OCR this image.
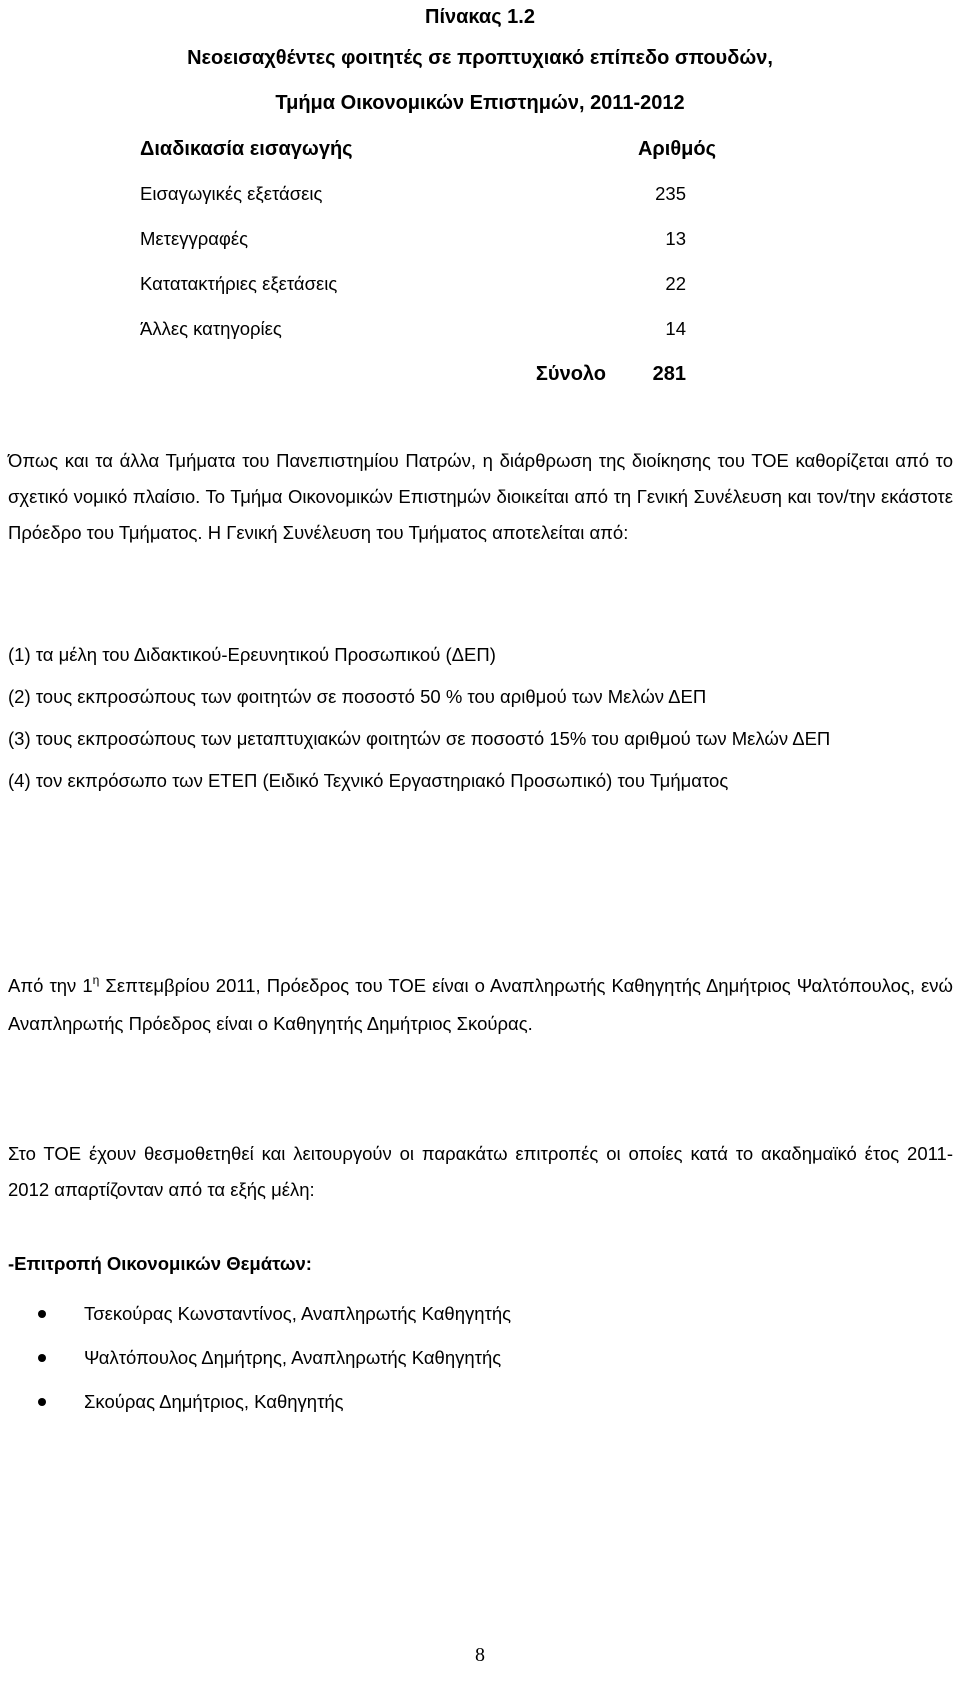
Πίνακας 1.2

Νεοεισαχθέντες φοιτητές σε προπτυχιακό επίπεδο σπουδών,

Τμήμα Οικονομικών Επιστημών, 2011-2012

Διαδικασία εισαγωγής	Αριθμός
Εισαγωγικές εξετάσεις	235
Μετεγγραφές	13
Κατατακτήριες εξετάσεις	22
Άλλες κατηγορίες	14
Σύνολο	281

Όπως και τα άλλα Τμήματα του Πανεπιστημίου Πατρών, η διάρθρωση της διοίκησης του ΤΟΕ καθορίζεται από το σχετικό νομικό πλαίσιο. Το Τμήμα Οικονομικών Επιστημών διοικείται από τη Γενική Συνέλευση και τον/την εκάστοτε Πρόεδρο του Τμήματος. Η Γενική Συνέλευση του Τμήματος αποτελείται από:

(1) τα μέλη του Διδακτικού-Ερευνητικού Προσωπικού (ΔΕΠ)

(2) τους εκπροσώπους των φοιτητών σε ποσοστό 50 % του αριθμού των Μελών ΔΕΠ

(3) τους εκπροσώπους των μεταπτυχιακών φοιτητών σε ποσοστό 15% του αριθμού των Μελών ΔΕΠ

(4) τον εκπρόσωπο των ΕΤΕΠ (Ειδικό Τεχνικό Εργαστηριακό Προσωπικό) του Τμήματος

Από την $1^\eta$ Σεπτεμβρίου 2011, Πρόεδρος του ΤΟΕ είναι ο Αναπληρωτής Καθηγητής Δημήτριος Ψαλτόπουλος, ενώ Αναπληρωτής Πρόεδρος είναι ο Καθηγητής Δημήτριος Σκούρας.

Στο ΤΟΕ έχουν θεσμοθετηθεί και λειτουργούν οι παρακάτω επιτροπές οι οποίες κατά το ακαδημαϊκό έτος 2011-2012 απαρτίζονταν από τα εξής μέλη:

-Επιτροπή Οικονομικών Θεμάτων:

Τσεκούρας Κωνσταντίνος, Αναπληρωτής Καθηγητής
Ψαλτόπουλος Δημήτρης, Αναπληρωτής Καθηγητής
Σκούρας Δημήτριος, Καθηγητής
8
